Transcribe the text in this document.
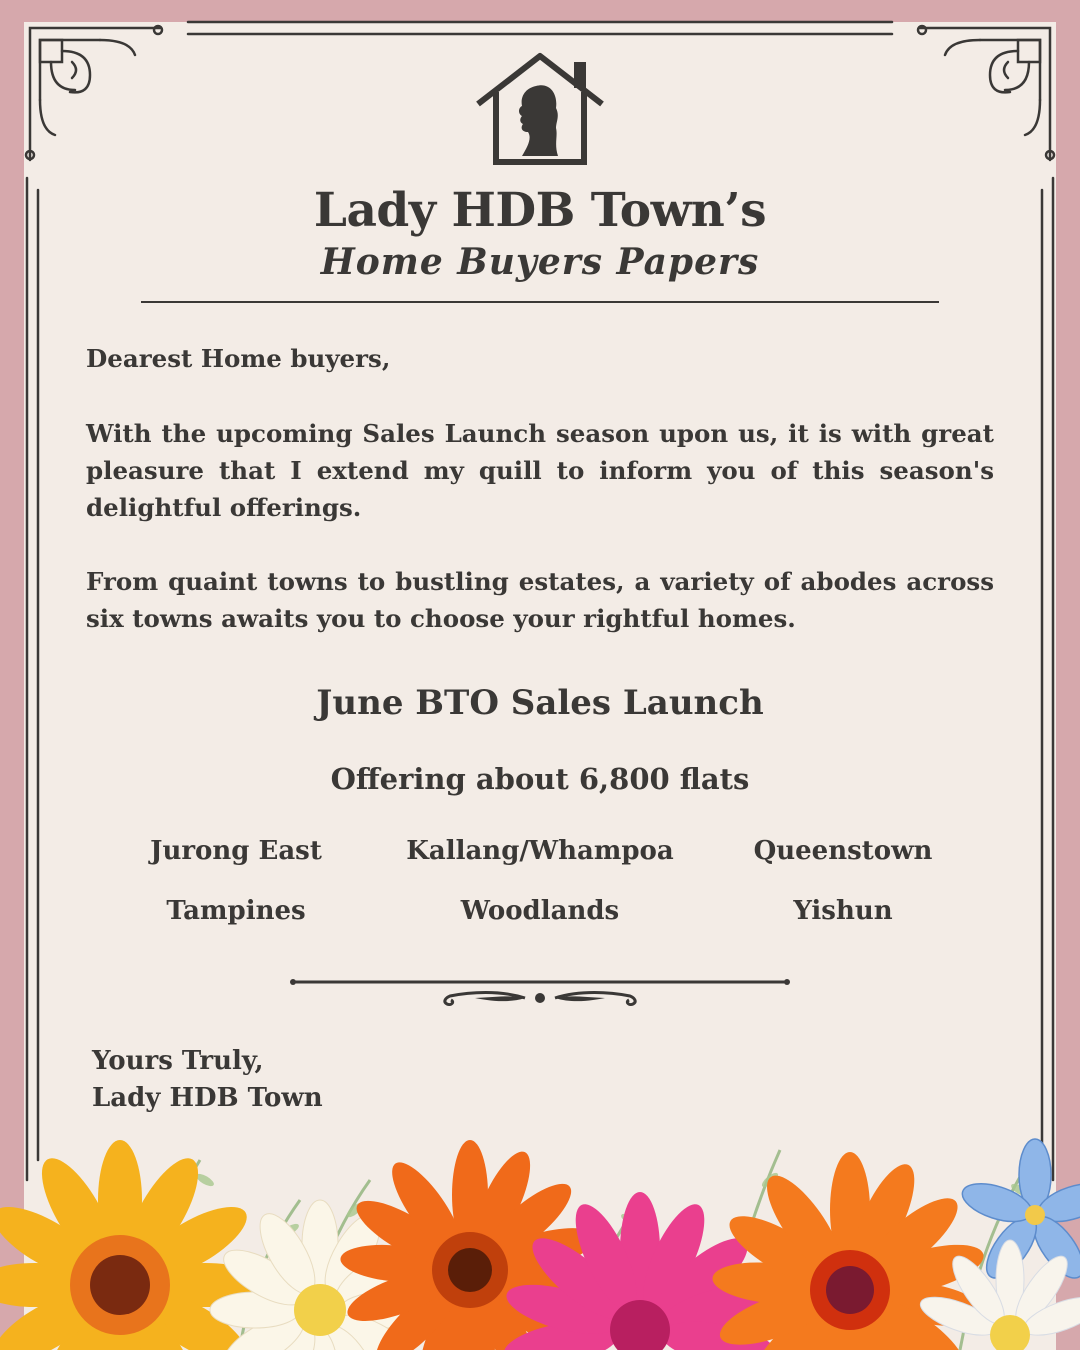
Lady HDB Town’s
Home Buyers Papers
Dearest Home buyers,
With the upcoming Sales Launch season upon us, it is with great pleasure that I extend my quill to inform you of this season's delightful offerings.
From quaint towns to bustling estates, a variety of abodes across six towns awaits you to choose your rightful homes.
June BTO Sales Launch
Offering about 6,800 flats
Jurong East	Kallang/Whampoa	Queenstown
Tampines	Woodlands	Yishun
Yours Truly,
Lady HDB Town
